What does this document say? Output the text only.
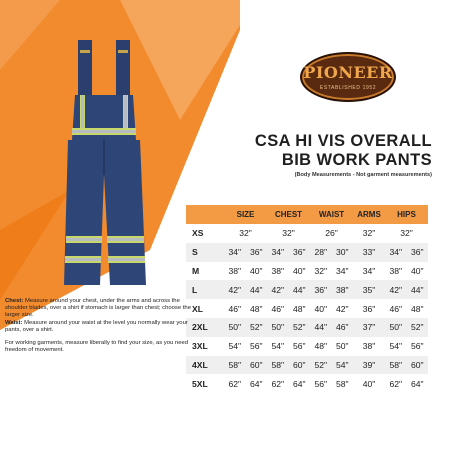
PIONEER
ESTABLISHED 1952
CSA HI VIS OVERALL
BIB WORK PANTS
(Body Measurements - Not garment measurements)
	SIZE		CHEST		WAIST		ARMS	HIPS	
XS	32"		32"		26"		32"	32"	
S	34"	36"	34"	36"	28"	30"	33"	34"	36"
M	38"	40"	38"	40"	32"	34"	34"	38"	40"
L	42"	44"	42"	44"	36"	38"	35"	42"	44"
XL	46"	48"	46"	48"	40"	42"	36"	46"	48"
2XL	50"	52"	50"	52"	44"	46"	37"	50"	52"
3XL	54"	56"	54"	56"	48"	50"	38"	54"	56"
4XL	58"	60"	58"	60"	52"	54"	39"	58"	60"
5XL	62"	64"	62"	64"	56"	58"	40"	62"	64"

Chest: Measure around your chest, under the arms and across the shoulder blades, over a shirt if stomach is larger than chest; choose the larger size.
Waist: Measure around your waist at the level you normally wear your pants, over a shirt.

For working garments, measure liberally to find your size, as you need freedom of movement.
